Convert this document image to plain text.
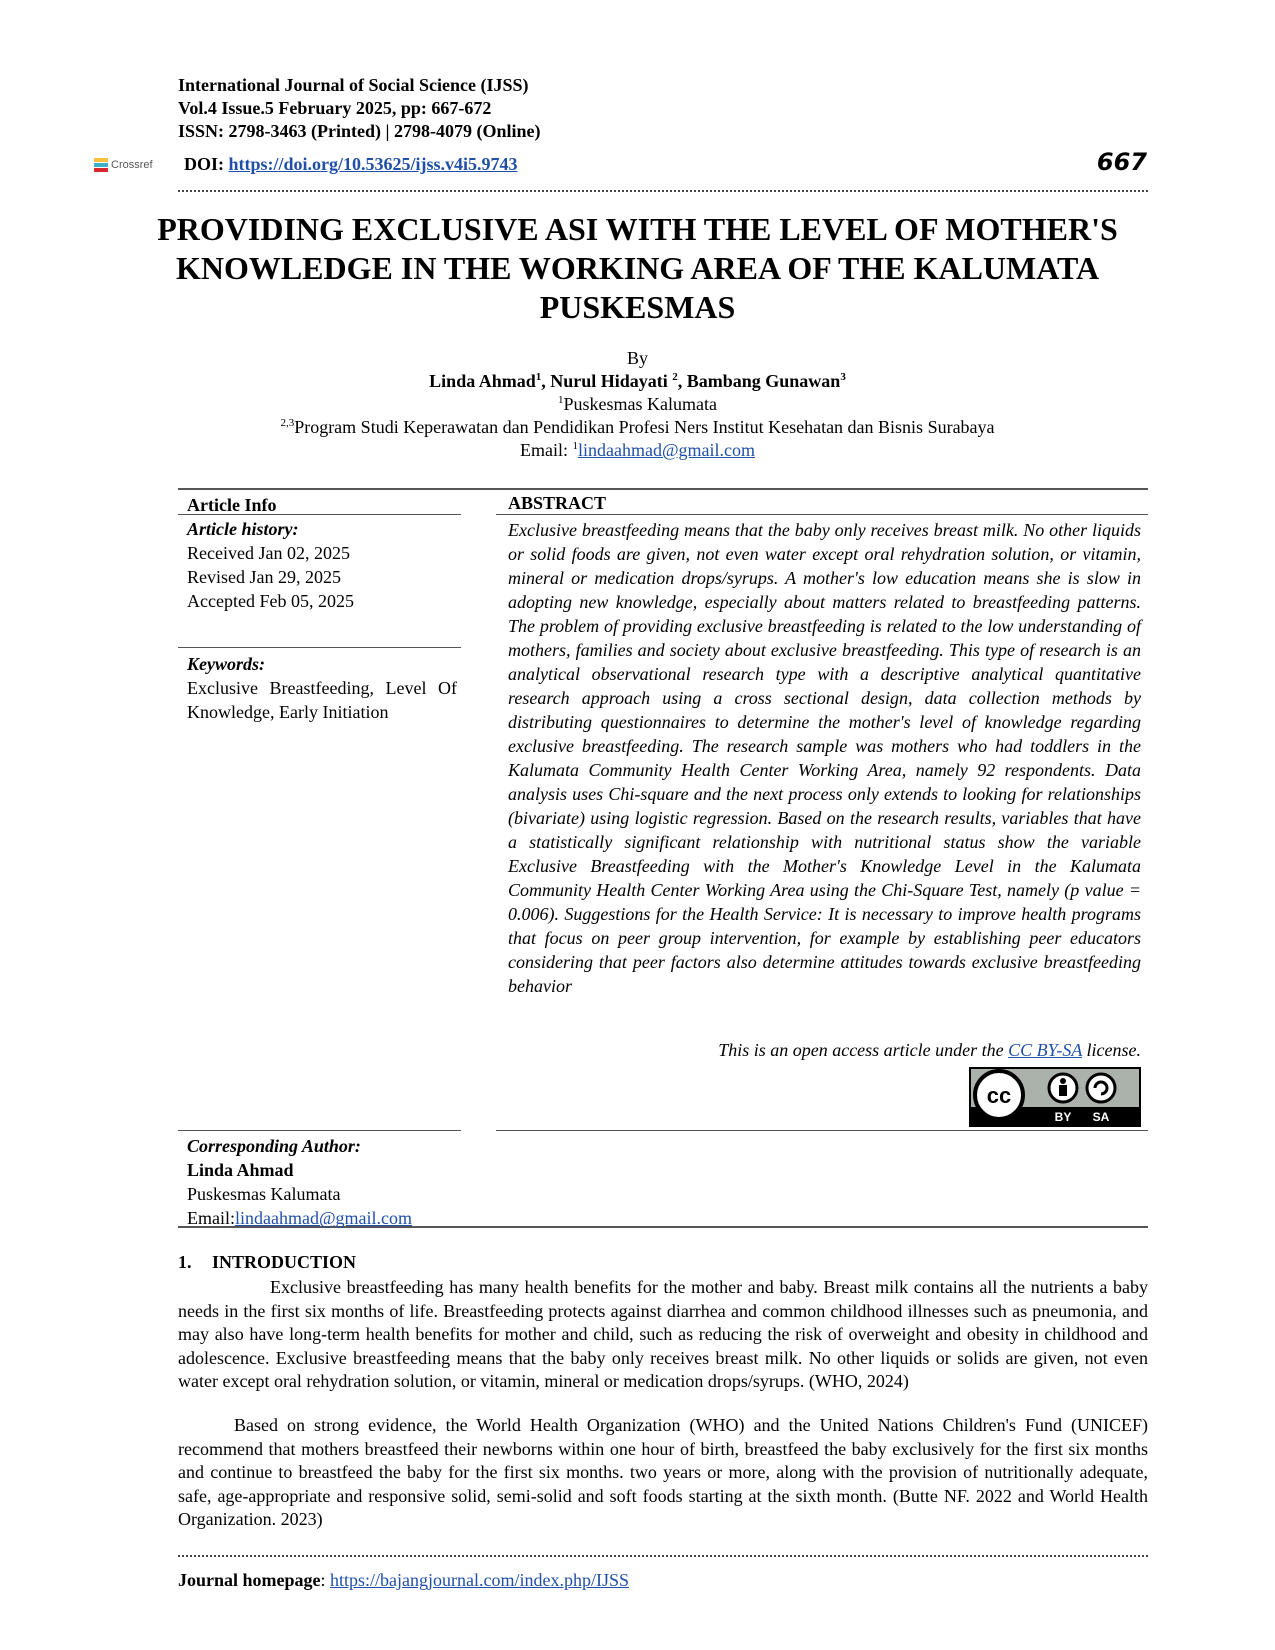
International Journal of Social Science (IJSS)
Vol.4 Issue.5 February 2025, pp: 667-672
ISSN: 2798-3463 (Printed) | 2798-4079 (Online)
Crossref DOI: https://doi.org/10.53625/ijss.v4i5.9743	667
PROVIDING EXCLUSIVE ASI WITH THE LEVEL OF MOTHER'S KNOWLEDGE IN THE WORKING AREA OF THE KALUMATA PUSKESMAS
By
Linda Ahmad$^1$, Nurul Hidayati $^2$, Bambang Gunawan$^3$
$^1$Puskesmas Kalumata
$^{2,3}$Program Studi Keperawatan dan Pendidikan Profesi Ners Institut Kesehatan dan Bisnis Surabaya
Email: $^1$lindaahmad@gmail.com
Article Info
Article history:
Received Jan 02, 2025
Revised Jan 29, 2025
Accepted Feb 05, 2025
Keywords:
Exclusive Breastfeeding, Level Of Knowledge, Early Initiation
Corresponding Author:
Linda Ahmad
Puskesmas Kalumata
Email:lindaahmad@gmail.com
ABSTRACT
Exclusive breastfeeding means that the baby only receives breast milk. No other liquids or solid foods are given, not even water except oral rehydration solution, or vitamin, mineral or medication drops/syrups. A mother's low education means she is slow in adopting new knowledge, especially about matters related to breastfeeding patterns. The problem of providing exclusive breastfeeding is related to the low understanding of mothers, families and society about exclusive breastfeeding. This type of research is an analytical observational research type with a descriptive analytical quantitative research approach using a cross sectional design, data collection methods by distributing questionnaires to determine the mother's level of knowledge regarding exclusive breastfeeding. The research sample was mothers who had toddlers in the Kalumata Community Health Center Working Area, namely 92 respondents. Data analysis uses Chi-square and the next process only extends to looking for relationships (bivariate) using logistic regression. Based on the research results, variables that have a statistically significant relationship with nutritional status show the variable Exclusive Breastfeeding with the Mother's Knowledge Level in the Kalumata Community Health Center Working Area using the Chi-Square Test, namely (p value = 0.006). Suggestions for the Health Service: It is necessary to improve health programs that focus on peer group intervention, for example by establishing peer educators considering that peer factors also determine attitudes towards exclusive breastfeeding behavior
This is an open access article under the CC BY-SA license.
cc
BY SA
1. INTRODUCTION
Exclusive breastfeeding has many health benefits for the mother and baby. Breast milk contains all the nutrients a baby needs in the first six months of life. Breastfeeding protects against diarrhea and common childhood illnesses such as pneumonia, and may also have long-term health benefits for mother and child, such as reducing the risk of overweight and obesity in childhood and adolescence. Exclusive breastfeeding means that the baby only receives breast milk. No other liquids or solids are given, not even water except oral rehydration solution, or vitamin, mineral or medication drops/syrups. (WHO, 2024)
Based on strong evidence, the World Health Organization (WHO) and the United Nations Children's Fund (UNICEF) recommend that mothers breastfeed their newborns within one hour of birth, breastfeed the baby exclusively for the first six months and continue to breastfeed the baby for the first six months. two years or more, along with the provision of nutritionally adequate, safe, age-appropriate and responsive solid, semi-solid and soft foods starting at the sixth month. (Butte NF. 2022 and World Health Organization. 2023)
Journal homepage: https://bajangjournal.com/index.php/IJSS
